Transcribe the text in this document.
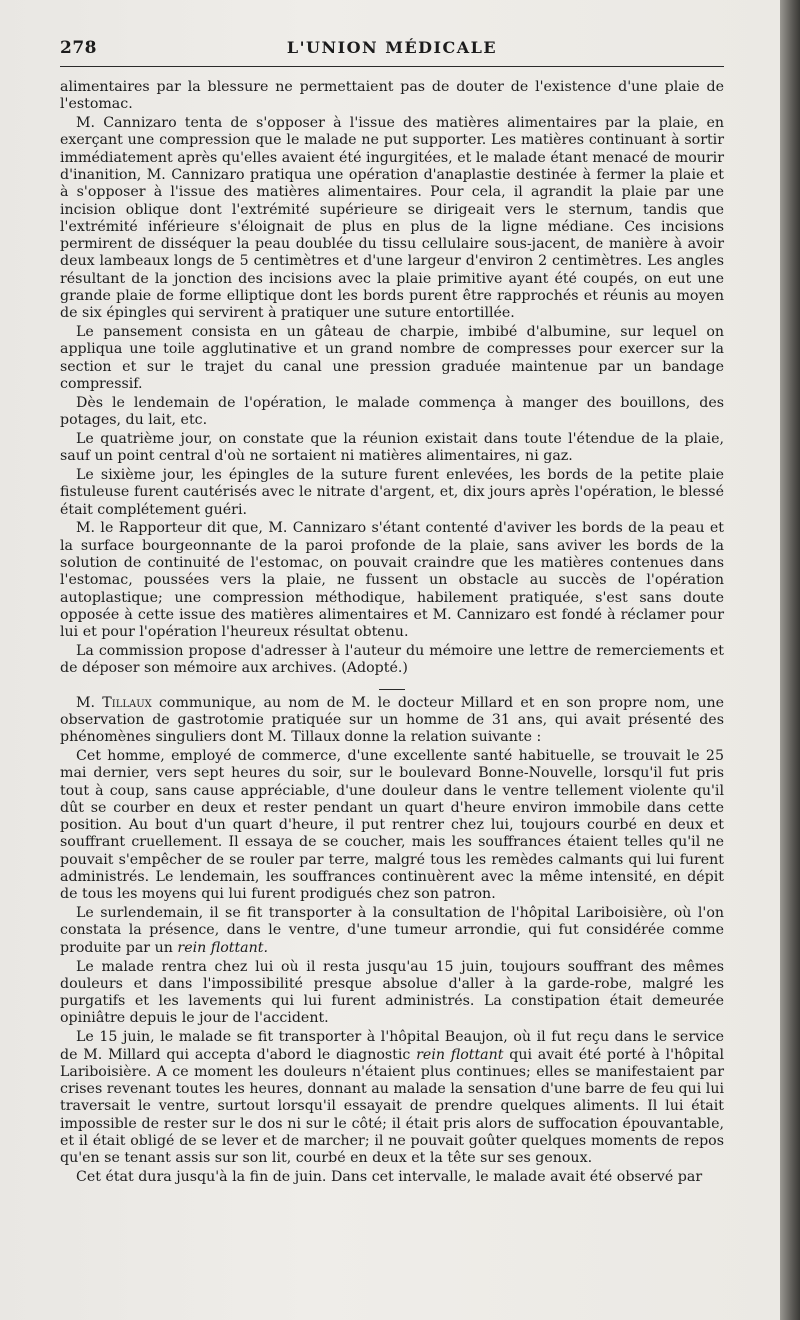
278	L'UNION MÉDICALE

alimentaires par la blessure ne permettaient pas de douter de l'existence d'une plaie de l'estomac.

M. Cannizaro tenta de s'opposer à l'issue des matières alimentaires par la plaie, en exerçant une compression que le malade ne put supporter. Les matières continuant à sortir immédiatement après qu'elles avaient été ingurgitées, et le malade étant menacé de mourir d'inanition, M. Cannizaro pratiqua une opération d'anaplastie destinée à fermer la plaie et à s'opposer à l'issue des matières alimentaires. Pour cela, il agrandit la plaie par une incision oblique dont l'extrémité supérieure se dirigeait vers le sternum, tandis que l'extrémité inférieure s'éloignait de plus en plus de la ligne médiane. Ces incisions permirent de disséquer la peau doublée du tissu cellulaire sous-jacent, de manière à avoir deux lambeaux longs de 5 centimètres et d'une largeur d'environ 2 centimètres. Les angles résultant de la jonction des incisions avec la plaie primitive ayant été coupés, on eut une grande plaie de forme elliptique dont les bords purent être rapprochés et réunis au moyen de six épingles qui servirent à pratiquer une suture entortillée.

Le pansement consista en un gâteau de charpie, imbibé d'albumine, sur lequel on appliqua une toile agglutinative et un grand nombre de compresses pour exercer sur la section et sur le trajet du canal une pression graduée maintenue par un bandage compressif.

Dès le lendemain de l'opération, le malade commença à manger des bouillons, des potages, du lait, etc.

Le quatrième jour, on constate que la réunion existait dans toute l'étendue de la plaie, sauf un point central d'où ne sortaient ni matières alimentaires, ni gaz.

Le sixième jour, les épingles de la suture furent enlevées, les bords de la petite plaie fistuleuse furent cautérisés avec le nitrate d'argent, et, dix jours après l'opération, le blessé était complétement guéri.

M. le Rapporteur dit que, M. Cannizaro s'étant contenté d'aviver les bords de la peau et la surface bourgeonnante de la paroi profonde de la plaie, sans aviver les bords de la solution de continuité de l'estomac, on pouvait craindre que les matières contenues dans l'estomac, poussées vers la plaie, ne fussent un obstacle au succès de l'opération autoplastique; une compression méthodique, habilement pratiquée, s'est sans doute opposée à cette issue des matières alimentaires et M. Cannizaro est fondé à réclamer pour lui et pour l'opération l'heureux résultat obtenu.

La commission propose d'adresser à l'auteur du mémoire une lettre de remerciements et de déposer son mémoire aux archives. (Adopté.)

M. Tillaux communique, au nom de M. le docteur Millard et en son propre nom, une observation de gastrotomie pratiquée sur un homme de 31 ans, qui avait présenté des phénomènes singuliers dont M. Tillaux donne la relation suivante :

Cet homme, employé de commerce, d'une excellente santé habituelle, se trouvait le 25 mai dernier, vers sept heures du soir, sur le boulevard Bonne-Nouvelle, lorsqu'il fut pris tout à coup, sans cause appréciable, d'une douleur dans le ventre tellement violente qu'il dût se courber en deux et rester pendant un quart d'heure environ immobile dans cette position. Au bout d'un quart d'heure, il put rentrer chez lui, toujours courbé en deux et souffrant cruellement. Il essaya de se coucher, mais les souffrances étaient telles qu'il ne pouvait s'empêcher de se rouler par terre, malgré tous les remèdes calmants qui lui furent administrés. Le lendemain, les souffrances continuèrent avec la même intensité, en dépit de tous les moyens qui lui furent prodigués chez son patron.

Le surlendemain, il se fit transporter à la consultation de l'hôpital Lariboisière, où l'on constata la présence, dans le ventre, d'une tumeur arrondie, qui fut considérée comme produite par un rein flottant.

Le malade rentra chez lui où il resta jusqu'au 15 juin, toujours souffrant des mêmes douleurs et dans l'impossibilité presque absolue d'aller à la garde-robe, malgré les purgatifs et les lavements qui lui furent administrés. La constipation était demeurée opiniâtre depuis le jour de l'accident.

Le 15 juin, le malade se fit transporter à l'hôpital Beaujon, où il fut reçu dans le service de M. Millard qui accepta d'abord le diagnostic rein flottant qui avait été porté à l'hôpital Lariboisière. A ce moment les douleurs n'étaient plus continues; elles se manifestaient par crises revenant toutes les heures, donnant au malade la sensation d'une barre de feu qui lui traversait le ventre, surtout lorsqu'il essayait de prendre quelques aliments. Il lui était impossible de rester sur le dos ni sur le côté; il était pris alors de suffocation épouvantable, et il était obligé de se lever et de marcher; il ne pouvait goûter quelques moments de repos qu'en se tenant assis sur son lit, courbé en deux et la tête sur ses genoux.

Cet état dura jusqu'à la fin de juin. Dans cet intervalle, le malade avait été observé par
